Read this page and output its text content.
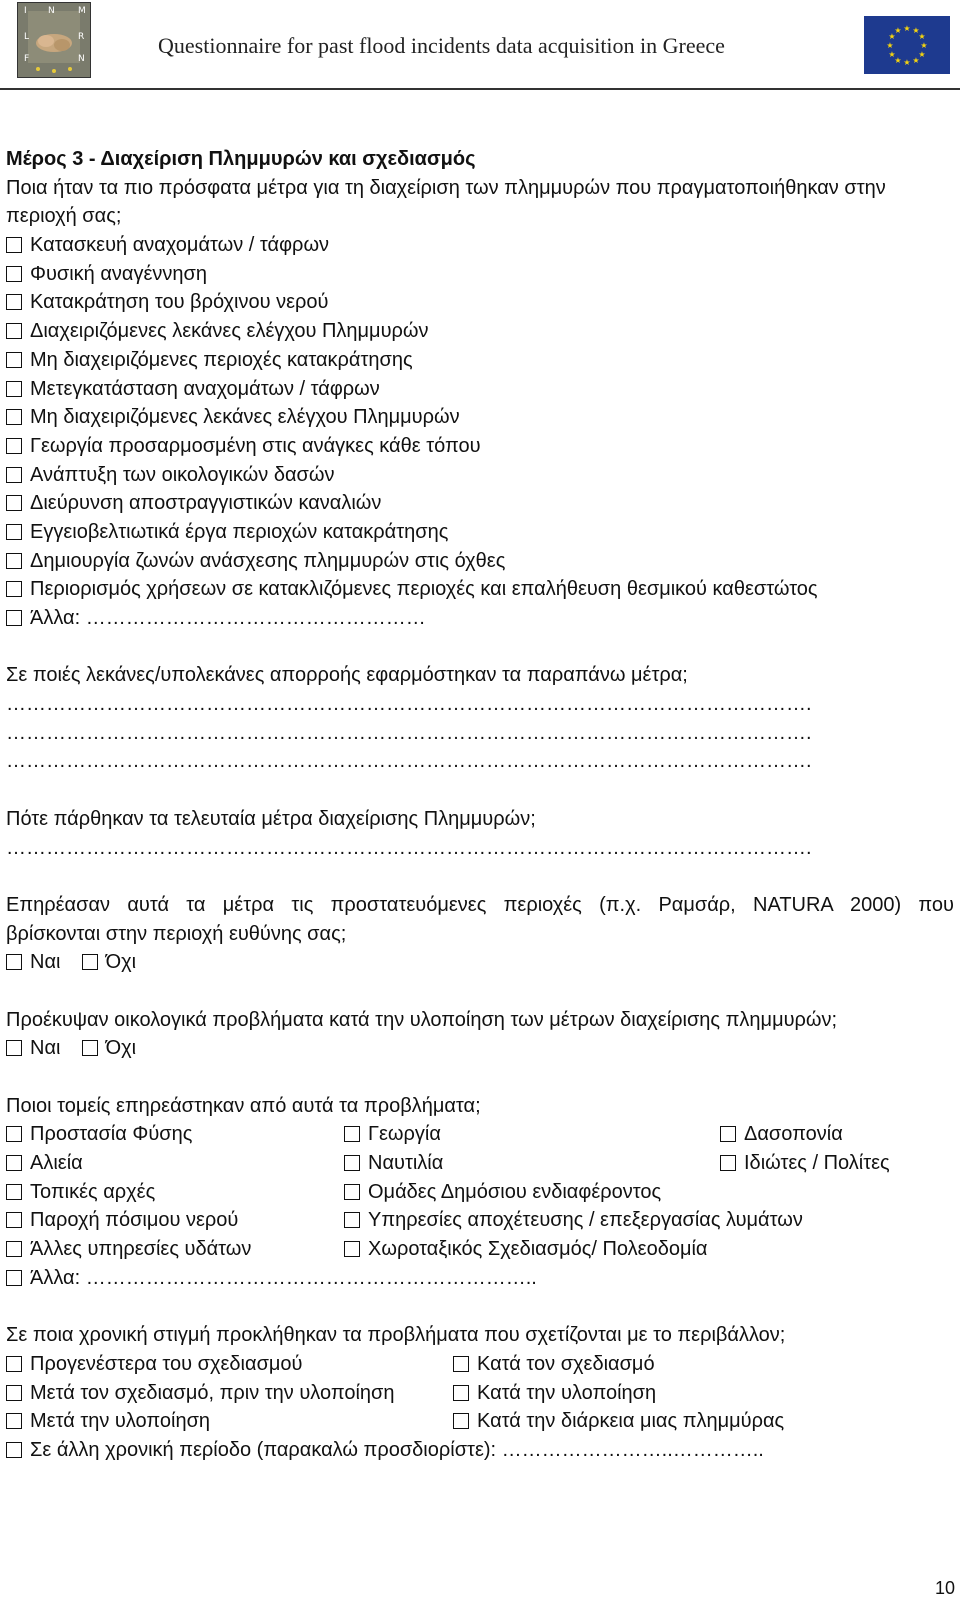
I
L
F
M
R
N
N
Questionnaire for past flood incidents data acquisition in Greece
★ ★
★
★
★
★
★
★
★
★
★
★
Μέρος 3 - Διαχείριση Πλημμυρών και σχεδιασμός
Ποια ήταν τα πιο πρόσφατα μέτρα για τη διαχείριση των πλημμυρών που πραγματοποιήθηκαν στην
περιοχή σας;
Κατασκευή αναχομάτων / τάφρων
Φυσική αναγέννηση
Κατακράτηση του βρόχινου νερού
Διαχειριζόμενες λεκάνες ελέγχου Πλημμυρών
Μη διαχειριζόμενες περιοχές κατακράτησης
Μετεγκατάσταση αναχομάτων / τάφρων
Μη διαχειριζόμενες λεκάνες ελέγχου Πλημμυρών
Γεωργία προσαρμοσμένη στις ανάγκες κάθε τόπου
Ανάπτυξη των οικολογικών δασών
Διεύρυνση αποστραγγιστικών καναλιών
Εγγειοβελτιωτικά έργα περιοχών κατακράτησης
Δημιουργία ζωνών ανάσχεσης πλημμυρών στις όχθες
Περιορισμός χρήσεων σε κατακλιζόμενες περιοχές και επαλήθευση θεσμικού καθεστώτος
Άλλα: ……………………………………………
Σε ποιές λεκάνες/υπολεκάνες απορροής εφαρμόστηκαν τα παραπάνω μέτρα;
………………………………………………………………………………………………………….
………………………………………………………………………………………………………….
………………………………………………………………………………………………………….
Πότε πάρθηκαν τα τελευταία μέτρα διαχείρισης Πλημμυρών;
………………………………………………………………………………………………………….
Επηρέασαν αυτά τα μέτρα τις προστατευόμενες περιοχές (π.χ. Ραμσάρ, NATURA 2000) που
βρίσκονται στην περιοχή ευθύνης σας;
Ναι Όχι
Προέκυψαν οικολογικά προβλήματα κατά την υλοποίηση των μέτρων διαχείρισης πλημμυρών;
Ναι Όχι
Ποιοι τομείς επηρεάστηκαν από αυτά τα προβλήματα;
Προστασία Φύσης	Γεωργία	Δασοπονία
Αλιεία	Ναυτιλία	Ιδιώτες / Πολίτες
Τοπικές αρχές	Ομάδες Δημόσιου ενδιαφέροντος
Παροχή πόσιμου νερού	Υπηρεσίες αποχέτευσης / επεξεργασίας λυμάτων
Άλλες υπηρεσίες υδάτων	Χωροταξικός Σχεδιασμός/ Πολεοδομία
Άλλα: …………………………………………………………..
Σε ποια χρονική στιγμή προκλήθηκαν τα προβλήματα που σχετίζονται με το περιβάλλον;
Προγενέστερα του σχεδιασμού	Κατά τον σχεδιασμό
Μετά τον σχεδιασμό, πριν την υλοποίηση	Κατά την υλοποίηση
Μετά την υλοποίηση	Κατά την διάρκεια μιας πλημμύρας
Σε άλλη χρονική περίοδο (παρακαλώ προσδιορίστε): ……………………..…………..
10
